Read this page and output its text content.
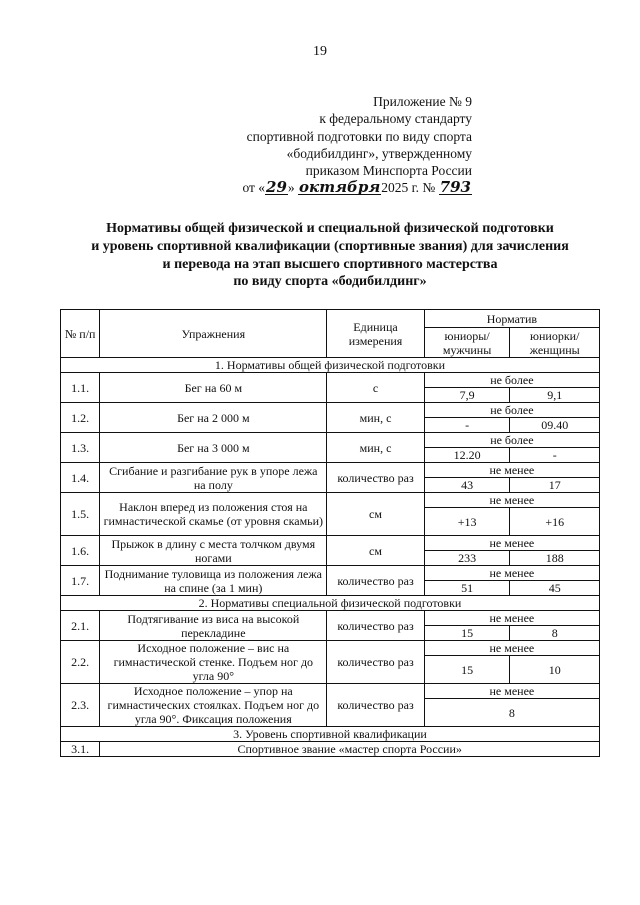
19
Приложение № 9
к федеральному стандарту
спортивной подготовки по виду спорта
«бодибилдинг», утвержденному
приказом Минспорта России
от «29» октября2025 г. № 793
Нормативы общей физической и специальной физической подготовки
и уровень спортивной квалификации (спортивные звания) для зачисления
и перевода на этап высшего спортивного мастерства
по виду спорта «бодибилдинг»
№ п/п	Упражнения	Единица измерения	Норматив	
			юниоры/ мужчины	юниорки/ женщины
1. Нормативы общей физической подготовки				
1.1.	Бег на 60 м	с	не более	
			7,9	9,1
1.2.	Бег на 2 000 м	мин, с	не более	
			-	09.40
1.3.	Бег на 3 000 м	мин, с	не более	
			12.20	-
1.4.	Сгибание и разгибание рук в упоре лежа на полу	количество раз	не менее	
			43	17
1.5.	Наклон вперед из положения стоя на гимнастической скамье (от уровня скамьи)	см	не менее	
			+13	+16
1.6.	Прыжок в длину с места толчком двумя ногами	см	не менее	
			233	188
1.7.	Поднимание туловища из положения лежа на спине (за 1 мин)	количество раз	не менее	
			51	45
2. Нормативы специальной физической подготовки				
2.1.	Подтягивание из виса на высокой перекладине	количество раз	не менее	
			15	8
2.2.	Исходное положение – вис на гимнастической стенке. Подъем ног до угла 90°	количество раз	не менее	
			15	10
2.3.	Исходное положение – упор на гимнастических стоялках. Подъем ног до угла 90°. Фиксация положения	количество раз	не менее	
			8	
3. Уровень спортивной квалификации				
3.1.	Спортивное звание «мастер спорта России»			
